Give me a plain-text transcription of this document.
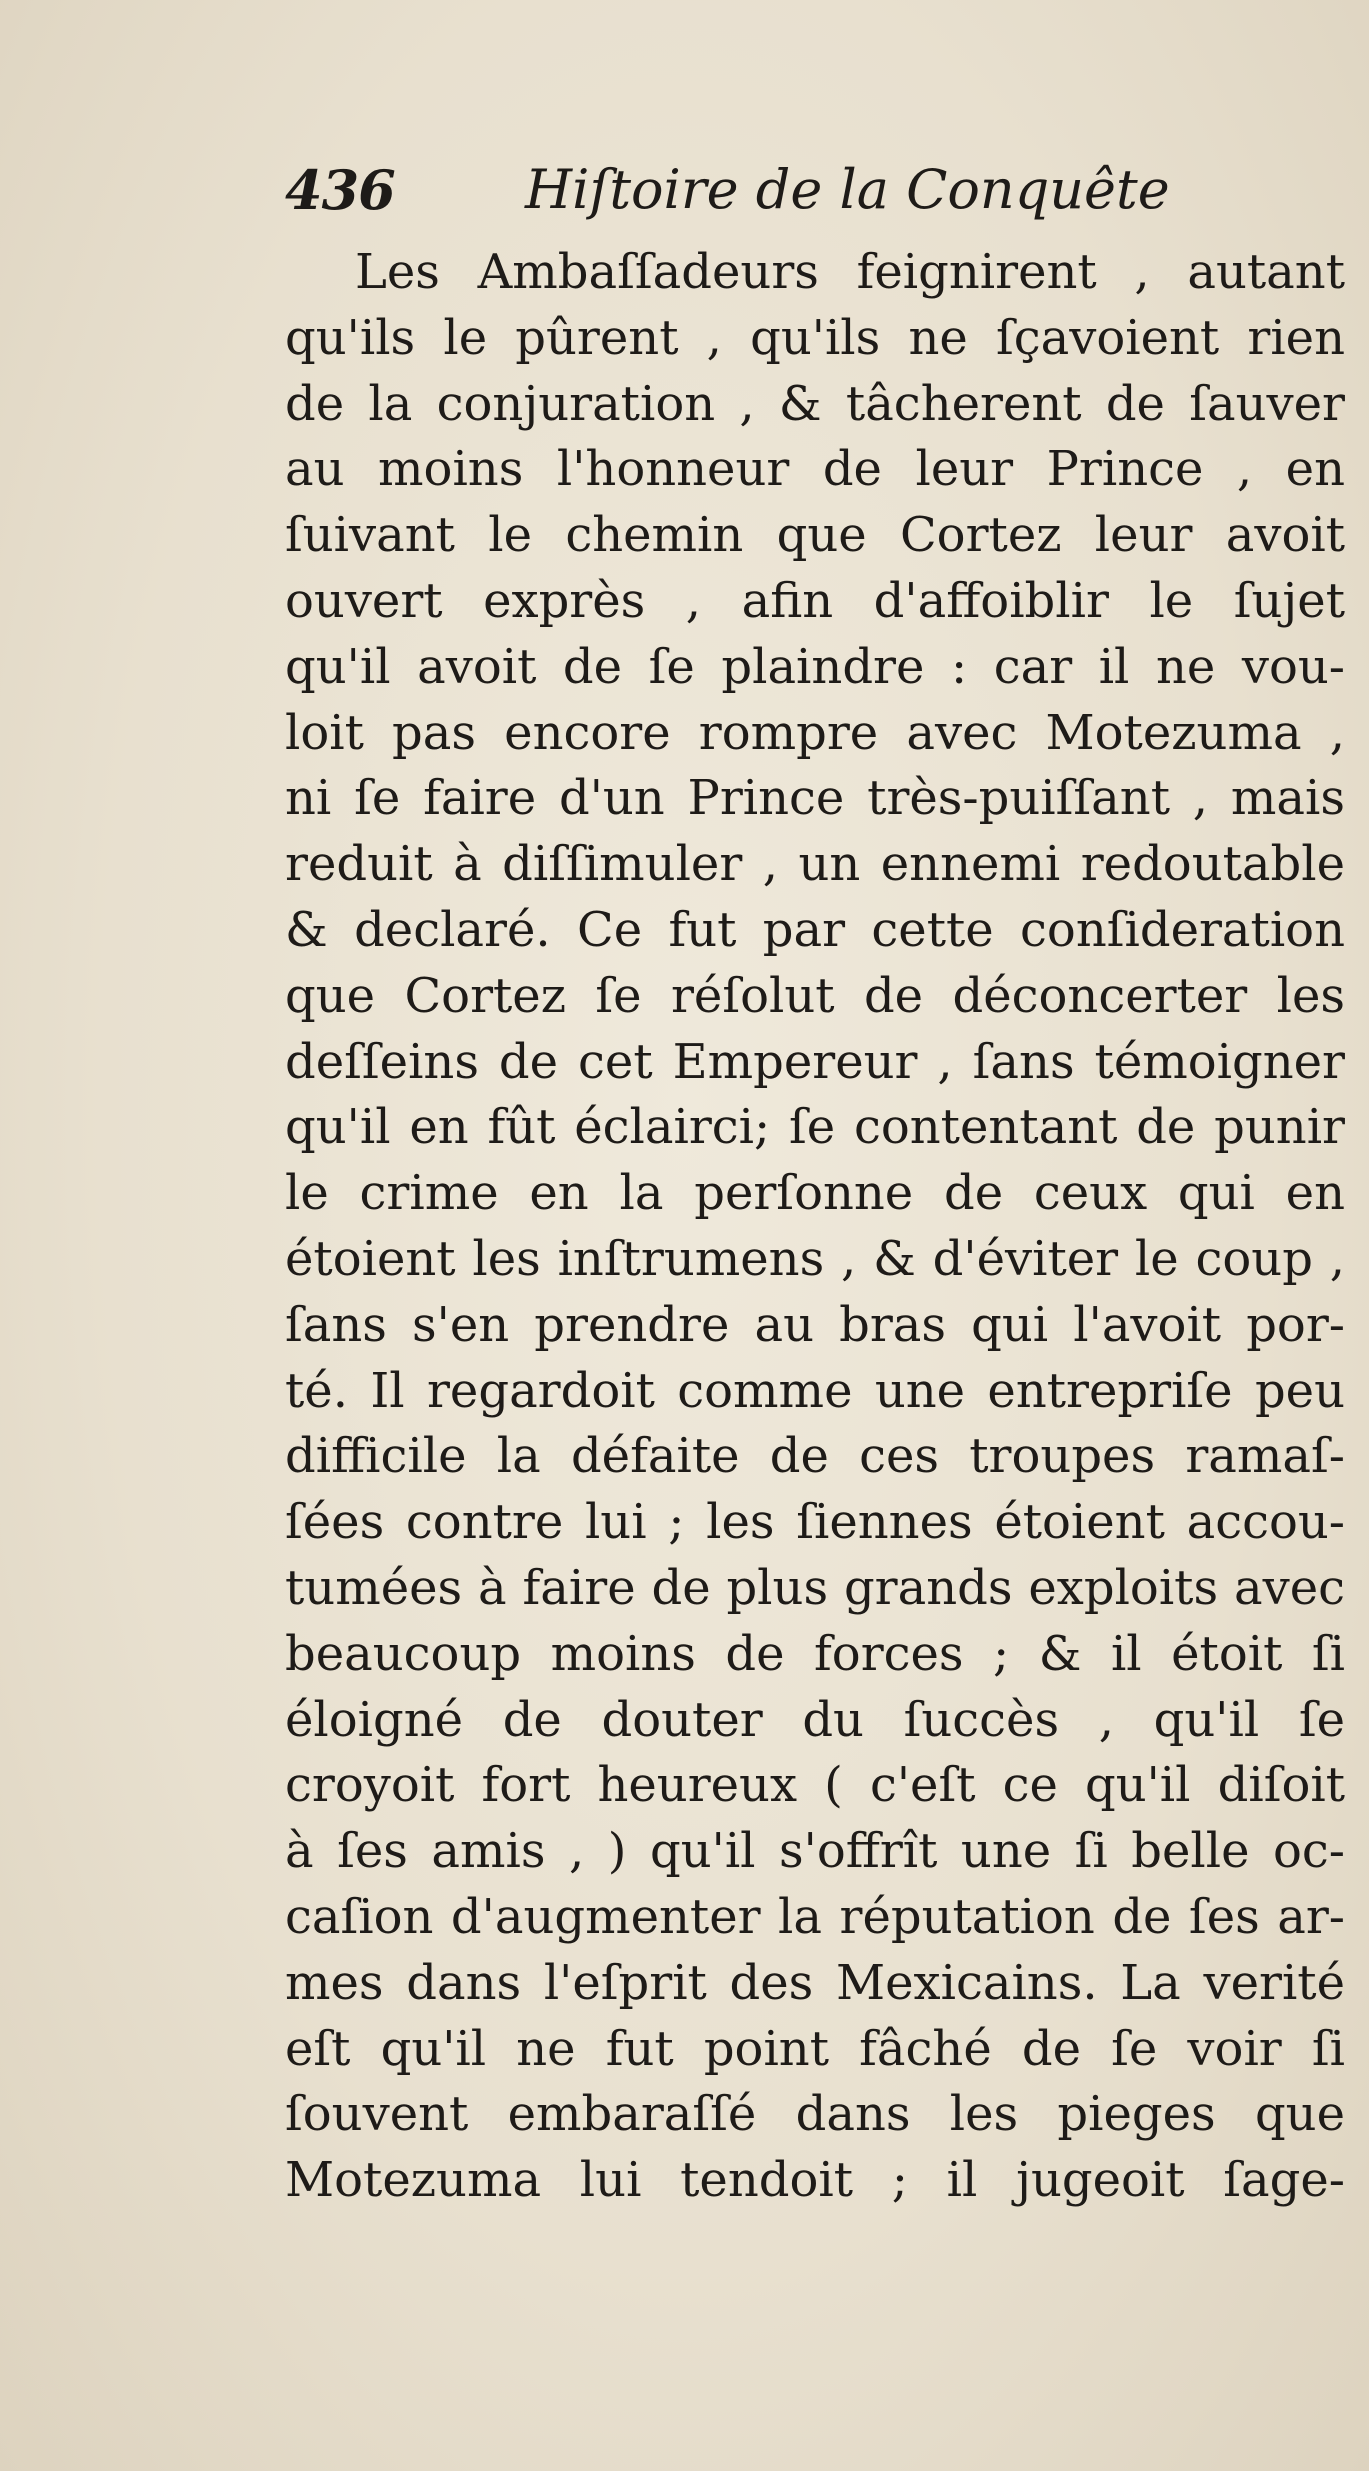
436 Hiſtoire de la Conquête
Les Ambaſſadeurs feignirent , autant
qu'ils le pûrent , qu'ils ne ſçavoient rien
de la conjuration , & tâcherent de ſauver
au moins l'honneur de leur Prince , en
ſuivant le chemin que Cortez leur avoit
ouvert exprès , afin d'affoiblir le ſujet
qu'il avoit de ſe plaindre : car il ne vou-
loit pas encore rompre avec Motezuma ,
ni ſe faire d'un Prince très-puiſſant , mais
reduit à diſſimuler , un ennemi redoutable
& declaré. Ce fut par cette conſideration
que Cortez ſe réſolut de déconcerter les
deſſeins de cet Empereur , ſans témoigner
qu'il en fût éclairci; ſe contentant de punir
le crime en la perſonne de ceux qui en
étoient les inſtrumens , & d'éviter le coup ,
ſans s'en prendre au bras qui l'avoit por-
té. Il regardoit comme une entrepriſe peu
difficile la défaite de ces troupes ramaſ-
ſées contre lui ; les ſiennes étoient accou-
tumées à faire de plus grands exploits avec
beaucoup moins de forces ; & il étoit ſi
éloigné de douter du ſuccès , qu'il ſe
croyoit fort heureux ( c'eſt ce qu'il diſoit
à ſes amis , ) qu'il s'offrît une ſi belle oc-
caſion d'augmenter la réputation de ſes ar-
mes dans l'eſprit des Mexicains. La verité
eſt qu'il ne fut point fâché de ſe voir ſi
ſouvent embaraſſé dans les pieges que
Motezuma lui tendoit ; il jugeoit ſage-
